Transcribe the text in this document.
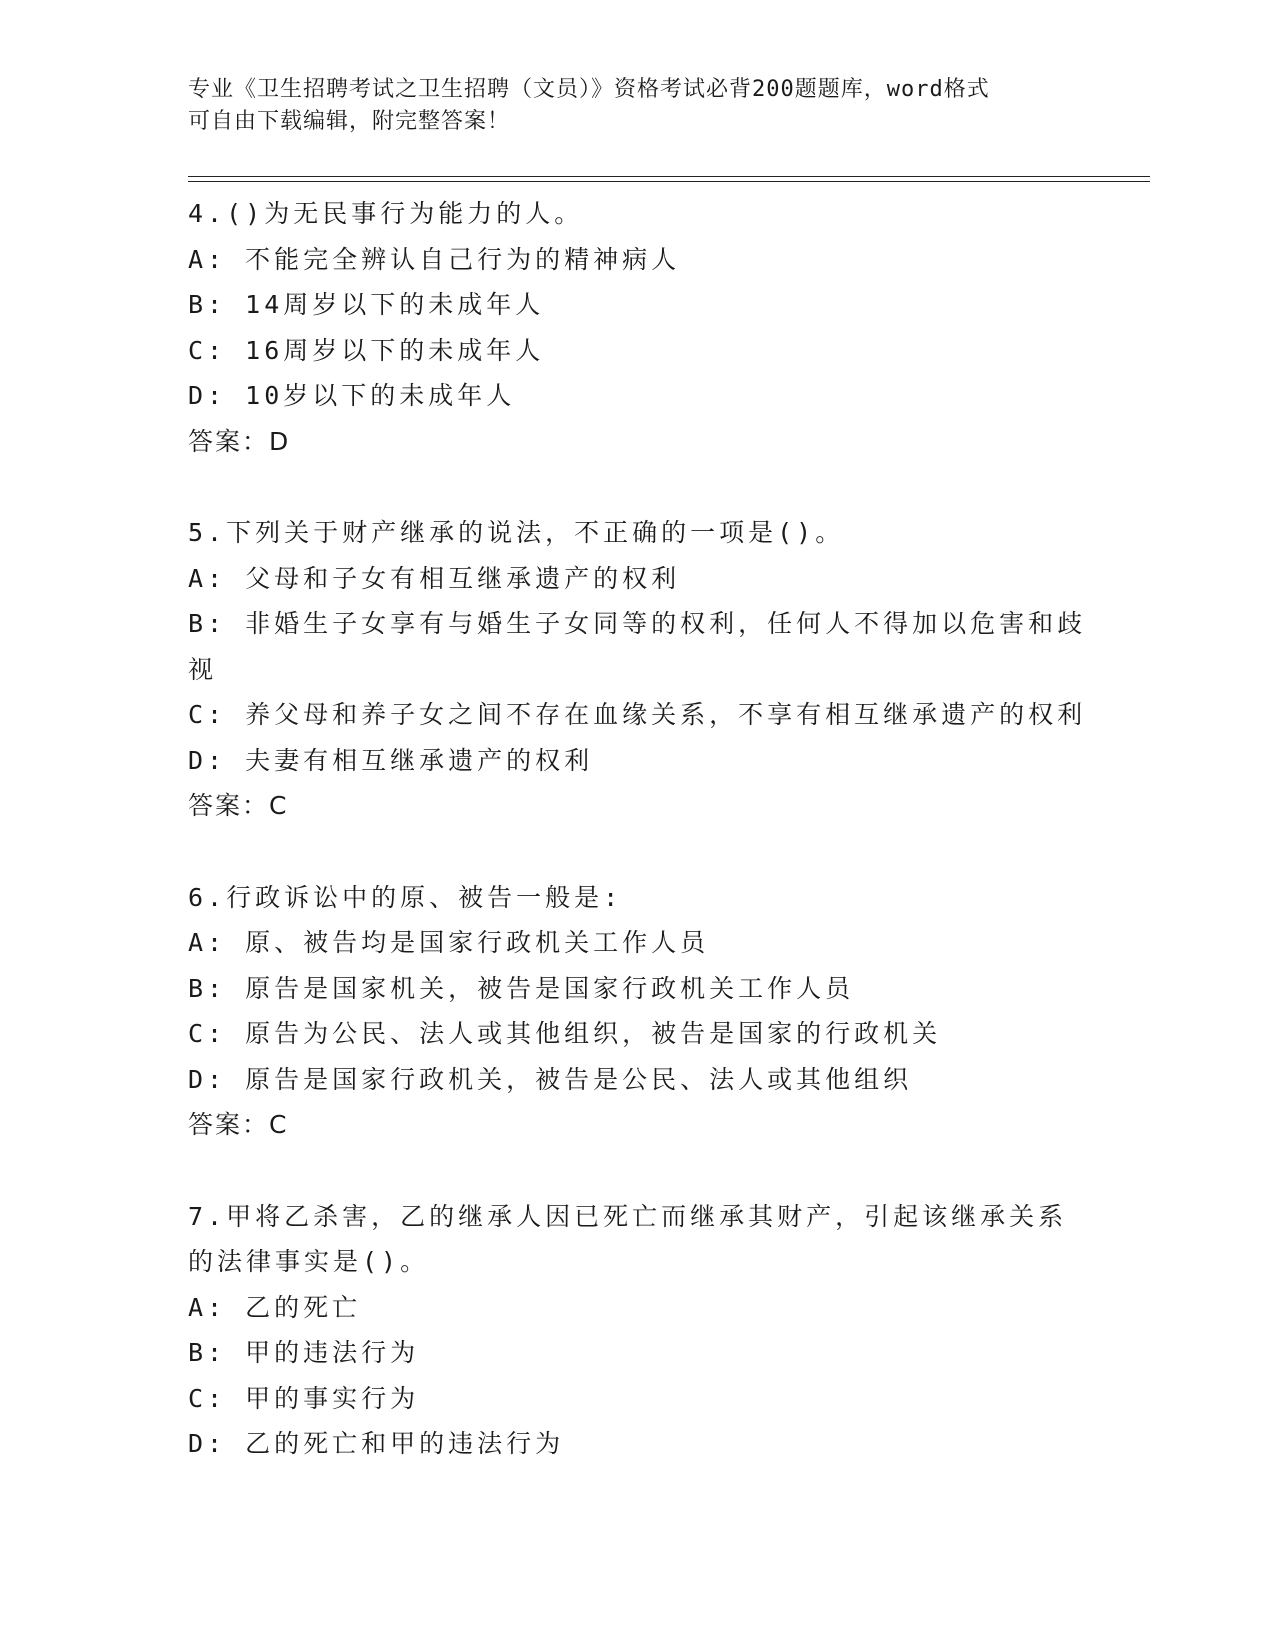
专业《卫生招聘考试之卫生招聘（文员）》资格考试必背200题题库，word格式
可自由下载编辑，附完整答案！
4.()为无民事行为能力的人。
A: 不能完全辨认自己行为的精神病人
B: 14周岁以下的未成年人
C: 16周岁以下的未成年人
D: 10岁以下的未成年人
答案：D
5.下列关于财产继承的说法，不正确的一项是()。
A: 父母和子女有相互继承遗产的权利
B: 非婚生子女享有与婚生子女同等的权利，任何人不得加以危害和歧
视
C: 养父母和养子女之间不存在血缘关系，不享有相互继承遗产的权利
D: 夫妻有相互继承遗产的权利
答案：C
6.行政诉讼中的原、被告一般是:
A: 原、被告均是国家行政机关工作人员
B: 原告是国家机关，被告是国家行政机关工作人员
C: 原告为公民、法人或其他组织，被告是国家的行政机关
D: 原告是国家行政机关，被告是公民、法人或其他组织
答案：C
7.甲将乙杀害，乙的继承人因已死亡而继承其财产，引起该继承关系
的法律事实是()。
A: 乙的死亡
B: 甲的违法行为
C: 甲的事实行为
D: 乙的死亡和甲的违法行为
